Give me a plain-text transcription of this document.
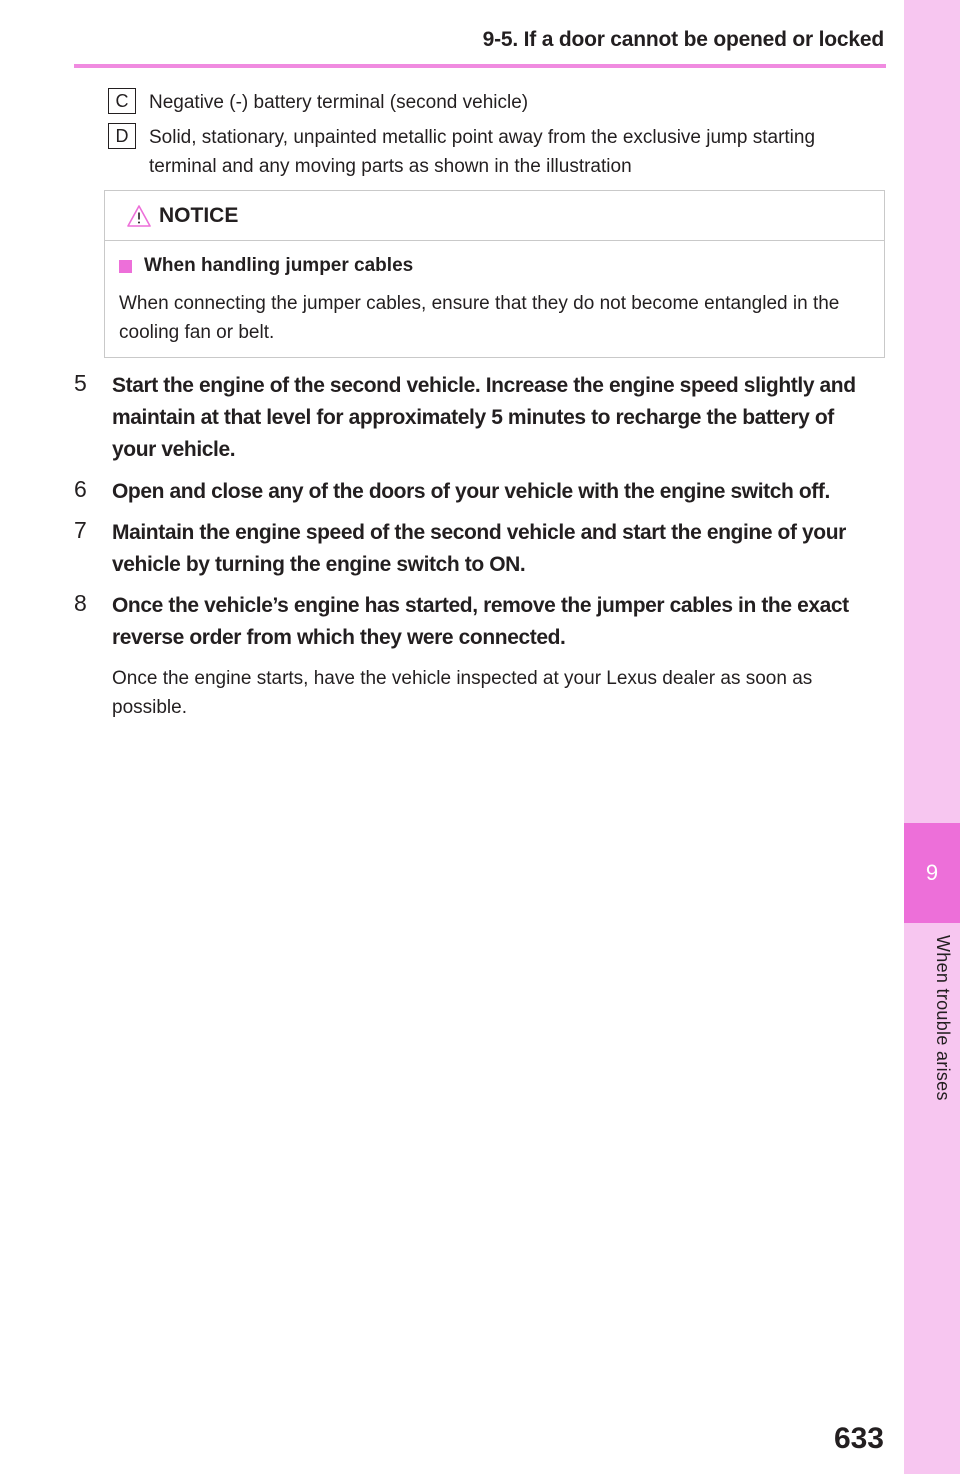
9
When trouble arises
9-5. If a door cannot be opened or locked
C	Negative (-) battery terminal (second vehicle)
D	Solid, stationary, unpainted metallic point away from the exclusive jump starting terminal and any moving parts as shown in the illustration
NOTICE
When handling jumper cables
When connecting the jumper cables, ensure that they do not become entangled in the cooling fan or belt.
5	Start the engine of the second vehicle. Increase the engine speed slightly and maintain at that level for approximately 5 minutes to recharge the battery of your vehicle.
6	Open and close any of the doors of your vehicle with the engine switch off.
7	Maintain the engine speed of the second vehicle and start the engine of your vehicle by turning the engine switch to ON.
8	Once the vehicle’s engine has started, remove the jumper cables in the exact reverse order from which they were connected.
Once the engine starts, have the vehicle inspected at your Lexus dealer as soon as possible.
633
